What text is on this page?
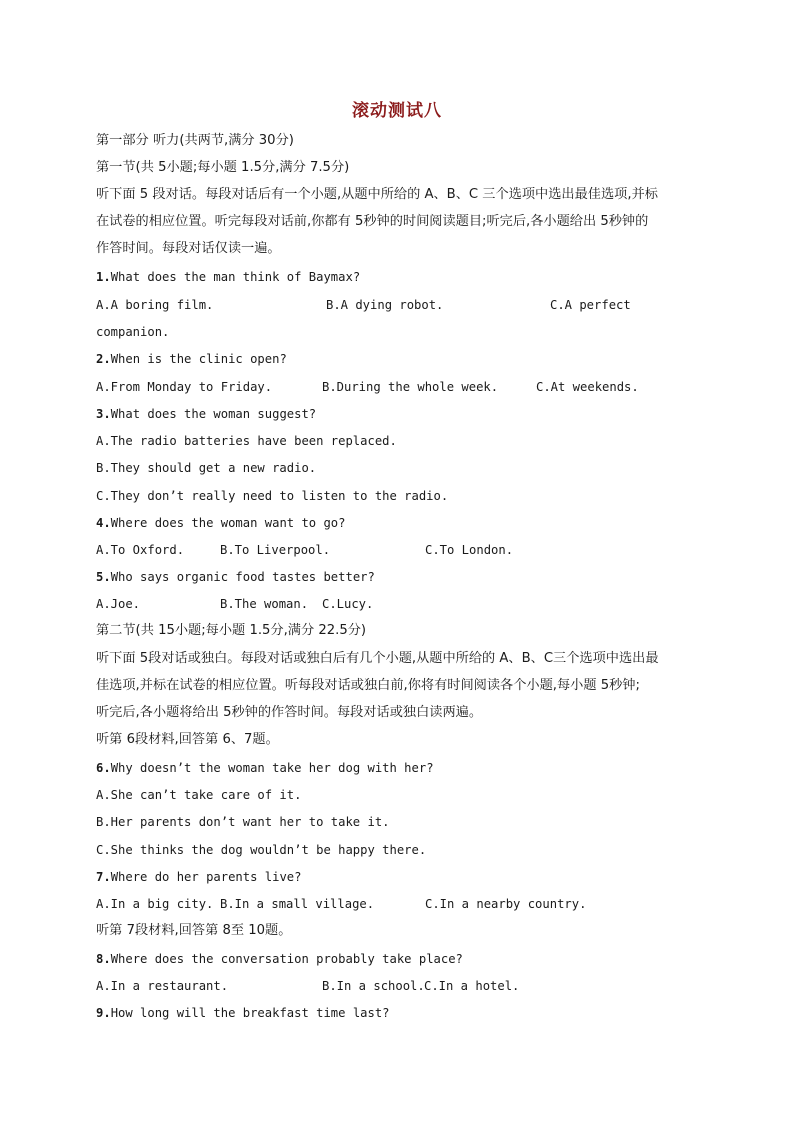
滚动测试八
第一部分 听力(共两节,满分 30分)
第一节(共 5小题;每小题 1.5分,满分 7.5分)
听下面 5 段对话。每段对话后有一个小题,从题中所给的 A、B、C 三个选项中选出最佳选项,并标
在试卷的相应位置。听完每段对话前,你都有 5秒钟的时间阅读题目;听完后,各小题给出 5秒钟的
作答时间。每段对话仅读一遍。
1.What does the man think of Baymax?
A.A boring film.	B.A dying robot.	C.A perfect
companion.
2.When is the clinic open?
A.From Monday to Friday.	B.During the whole week.	C.At weekends.
3.What does the woman suggest?
A.The radio batteries have been replaced.
B.They should get a new radio.
C.They don’t really need to listen to the radio.
4.Where does the woman want to go?
A.To Oxford.	B.To Liverpool.	C.To London.
5.Who says organic food tastes better?
A.Joe.	B.The woman. C.Lucy.
第二节(共 15小题;每小题 1.5分,满分 22.5分)
听下面 5段对话或独白。每段对话或独白后有几个小题,从题中所给的 A、B、C三个选项中选出最
佳选项,并标在试卷的相应位置。听每段对话或独白前,你将有时间阅读各个小题,每小题 5秒钟;
听完后,各小题将给出 5秒钟的作答时间。每段对话或独白读两遍。
听第 6段材料,回答第 6、7题。
6.Why doesn’t the woman take her dog with her?
A.She can’t take care of it.
B.Her parents don’t want her to take it.
C.She thinks the dog wouldn’t be happy there.
7.Where do her parents live?
A.In a big city. B.In a small village.	C.In a nearby country.
听第 7段材料,回答第 8至 10题。
8.Where does the conversation probably take place?
A.In a restaurant.	B.In a school. C.In a hotel.
9.How long will the breakfast time last?
